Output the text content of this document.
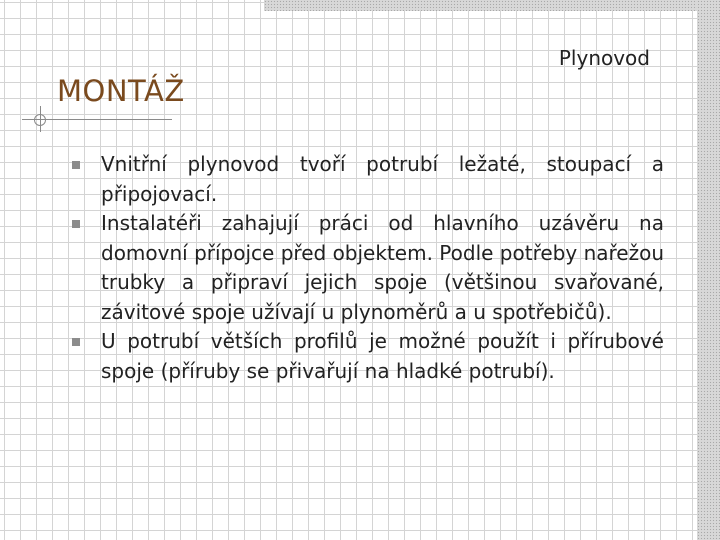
Plynovod
MONTÁŽ
Vnitřní plynovod tvoří potrubí ležaté, stoupací a připojovací.
Instalatéři zahajují práci od hlavního uzávěru na domovní přípojce před objektem. Podle potřeby nařežou trubky a připraví jejich spoje (většinou svařované, závitové spoje užívají u plynoměrů a u spotřebičů).
U potrubí větších profilů je možné použít i přírubové spoje (příruby se přivařují na hladké potrubí).
